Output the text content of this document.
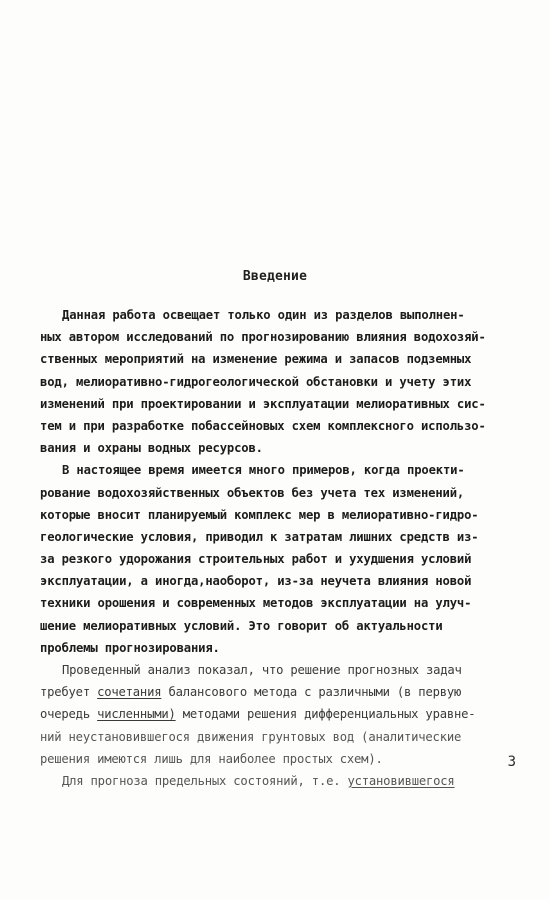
Введение
Данная работа освещает только один из разделов выполнен-
ных автором исследований по прогнозированию влияния водохозяй-
ственных мероприятий на изменение режима и запасов подземных
вод, мелиоративно-гидрогеологической обстановки и учету этих
изменений при проектировании и эксплуатации мелиоративных сис-
тем и при разработке побассейновых схем комплексного использо-
вания и охраны водных ресурсов.
В настоящее время имеется много примеров, когда проекти-
рование водохозяйственных объектов без учета тех изменений,
которые вносит планируемый комплекс мер в мелиоративно-гидро-
геологические условия, приводил к затратам лишних средств из-
за резкого удорожания строительных работ и ухудшения условий
эксплуатации, а иногда,наоборот, из-за неучета влияния новой
техники орошения и современных методов эксплуатации на улуч-
шение мелиоративных условий. Это говорит об актуальности
проблемы прогнозирования.
Проведенный анализ показал, что решение прогнозных задач
требует сочетания балансового метода с различными (в первую
очередь численными) методами решения дифференциальных уравне-
ний неустановившегося движения грунтовых вод (аналитические
решения имеются лишь для наиболее простых схем).
Для прогноза предельных состояний, т.е. установившегося
3
